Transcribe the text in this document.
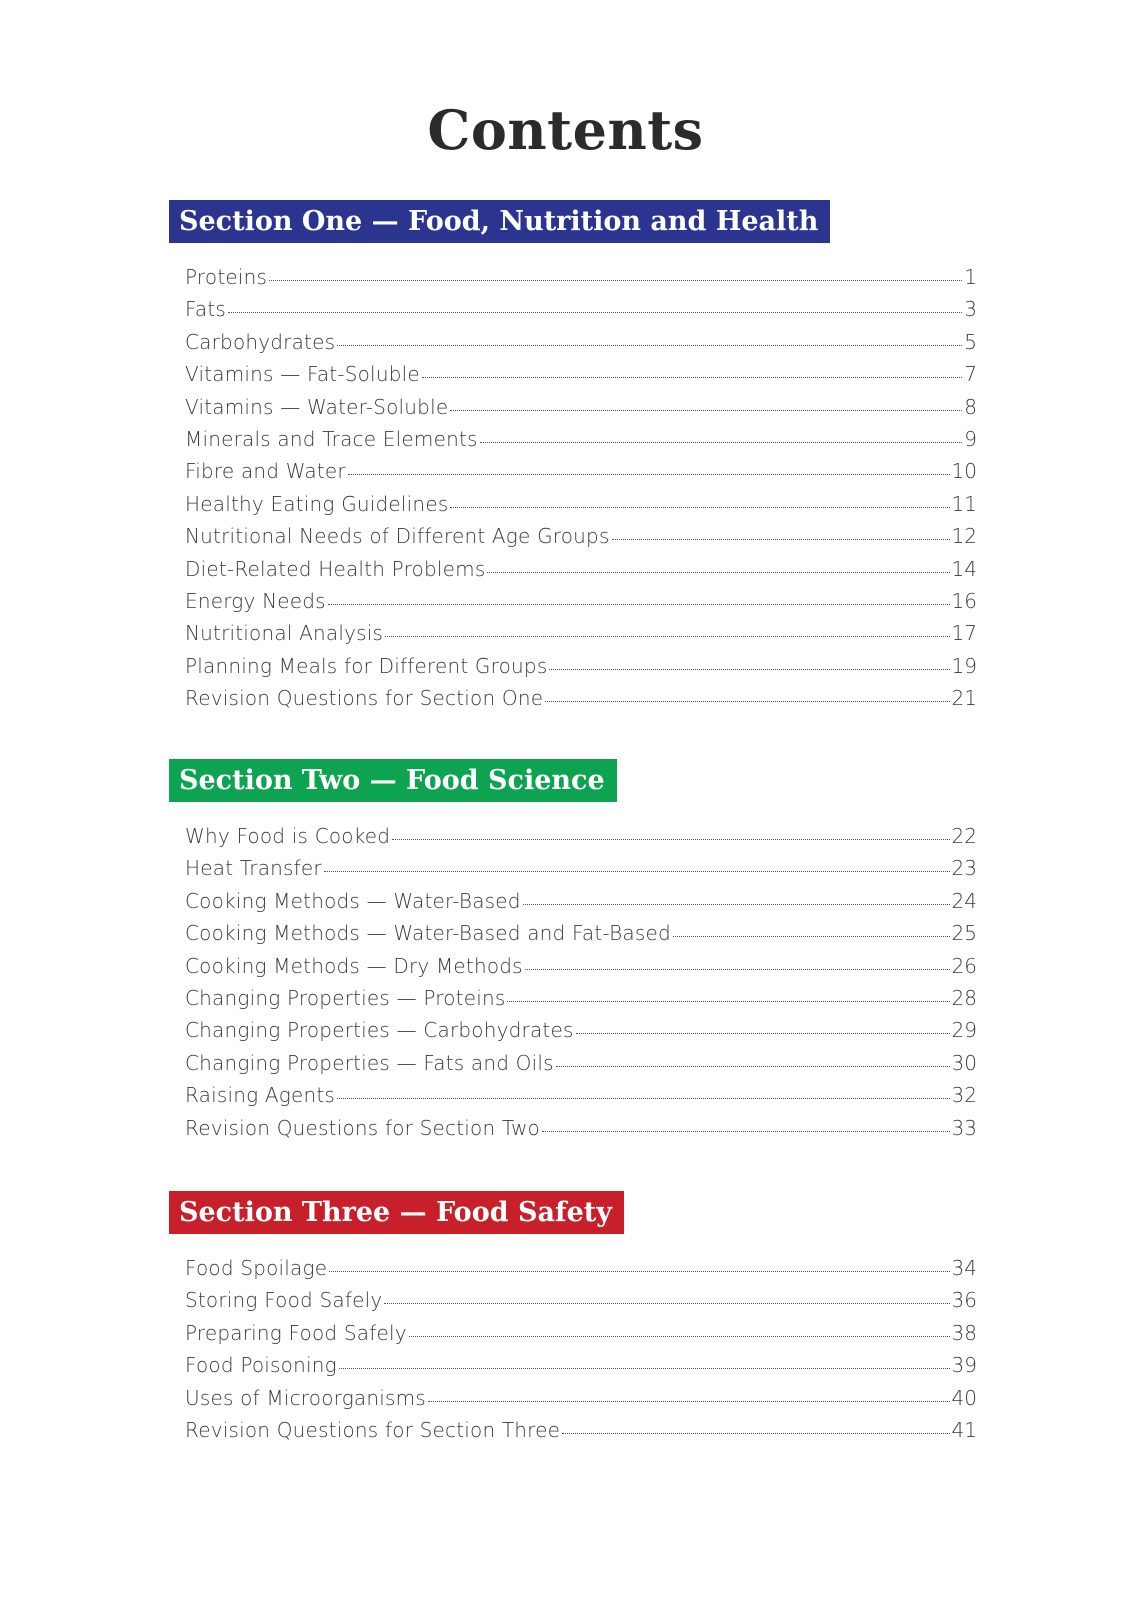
Contents
Section One — Food, Nutrition and Health
Proteins	1
Fats	3
Carbohydrates	5
Vitamins — Fat-Soluble	7
Vitamins — Water-Soluble	8
Minerals and Trace Elements	9
Fibre and Water	10
Healthy Eating Guidelines	11
Nutritional Needs of Different Age Groups	12
Diet-Related Health Problems	14
Energy Needs	16
Nutritional Analysis	17
Planning Meals for Different Groups	19
Revision Questions for Section One	21
Section Two — Food Science
Why Food is Cooked	22
Heat Transfer	23
Cooking Methods — Water-Based	24
Cooking Methods — Water-Based and Fat-Based	25
Cooking Methods — Dry Methods	26
Changing Properties — Proteins	28
Changing Properties — Carbohydrates	29
Changing Properties — Fats and Oils	30
Raising Agents	32
Revision Questions for Section Two	33
Section Three — Food Safety
Food Spoilage	34
Storing Food Safely	36
Preparing Food Safely	38
Food Poisoning	39
Uses of Microorganisms	40
Revision Questions for Section Three	41
